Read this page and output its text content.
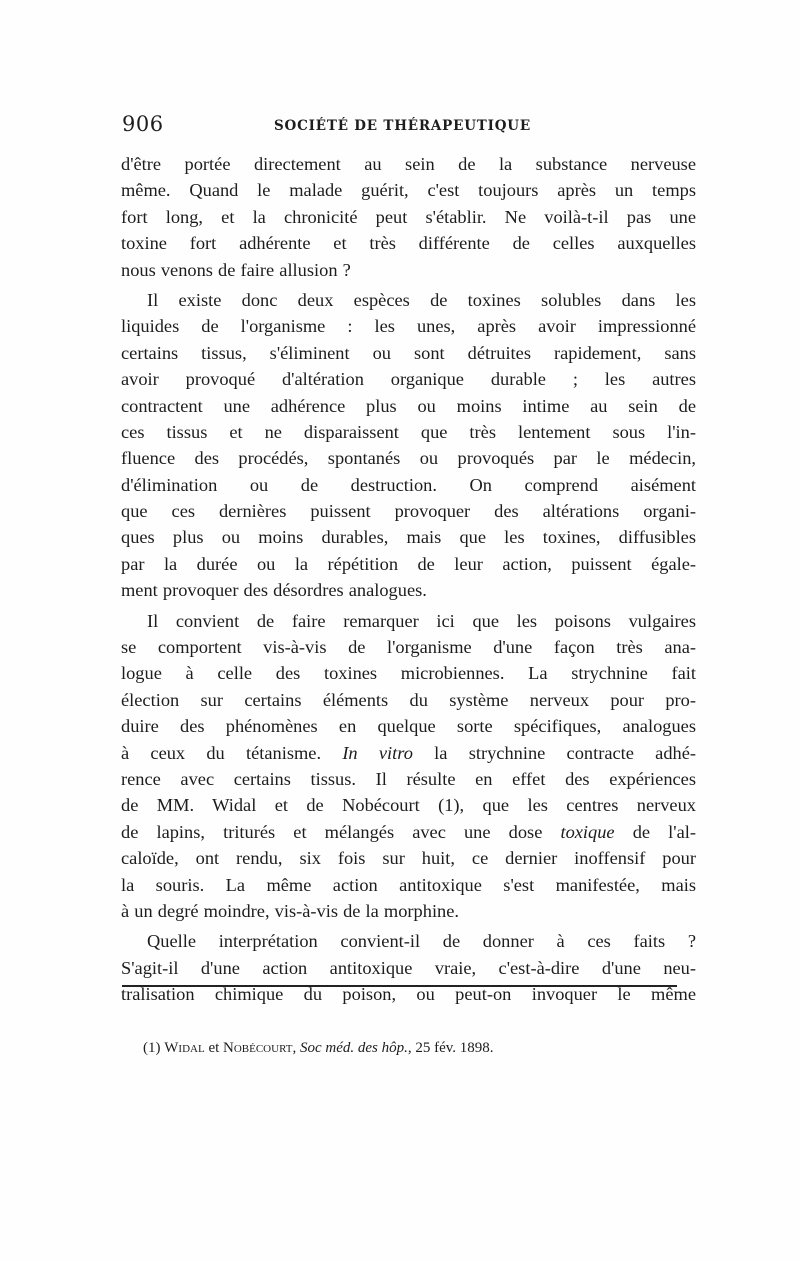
906	SOCIÉTÉ DE THÉRAPEUTIQUE
d'être portée directement au sein de la substance nerveuse
même. Quand le malade guérit, c'est toujours après un temps
fort long, et la chronicité peut s'établir. Ne voilà-t-il pas une
toxine fort adhérente et très différente de celles auxquelles
nous venons de faire allusion ?
Il existe donc deux espèces de toxines solubles dans les
liquides de l'organisme : les unes, après avoir impressionné
certains tissus, s'éliminent ou sont détruites rapidement, sans
avoir provoqué d'altération organique durable ; les autres
contractent une adhérence plus ou moins intime au sein de
ces tissus et ne disparaissent que très lentement sous l'in-
fluence des procédés, spontanés ou provoqués par le médecin,
d'élimination ou de destruction. On comprend aisément
que ces dernières puissent provoquer des altérations organi-
ques plus ou moins durables, mais que les toxines, diffusibles
par la durée ou la répétition de leur action, puissent égale-
ment provoquer des désordres analogues.
Il convient de faire remarquer ici que les poisons vulgaires
se comportent vis-à-vis de l'organisme d'une façon très ana-
logue à celle des toxines microbiennes. La strychnine fait
élection sur certains éléments du système nerveux pour pro-
duire des phénomènes en quelque sorte spécifiques, analogues
à ceux du tétanisme. In vitro la strychnine contracte adhé-
rence avec certains tissus. Il résulte en effet des expériences
de MM. Widal et de Nobécourt (1), que les centres nerveux
de lapins, triturés et mélangés avec une dose toxique de l'al-
caloïde, ont rendu, six fois sur huit, ce dernier inoffensif pour
la souris. La même action antitoxique s'est manifestée, mais
à un degré moindre, vis-à-vis de la morphine.
Quelle interprétation convient-il de donner à ces faits ?
S'agit-il d'une action antitoxique vraie, c'est-à-dire d'une neu-
tralisation chimique du poison, ou peut-on invoquer le même
(1) Widal et Nobécourt, Soc méd. des hôp., 25 fév. 1898.
